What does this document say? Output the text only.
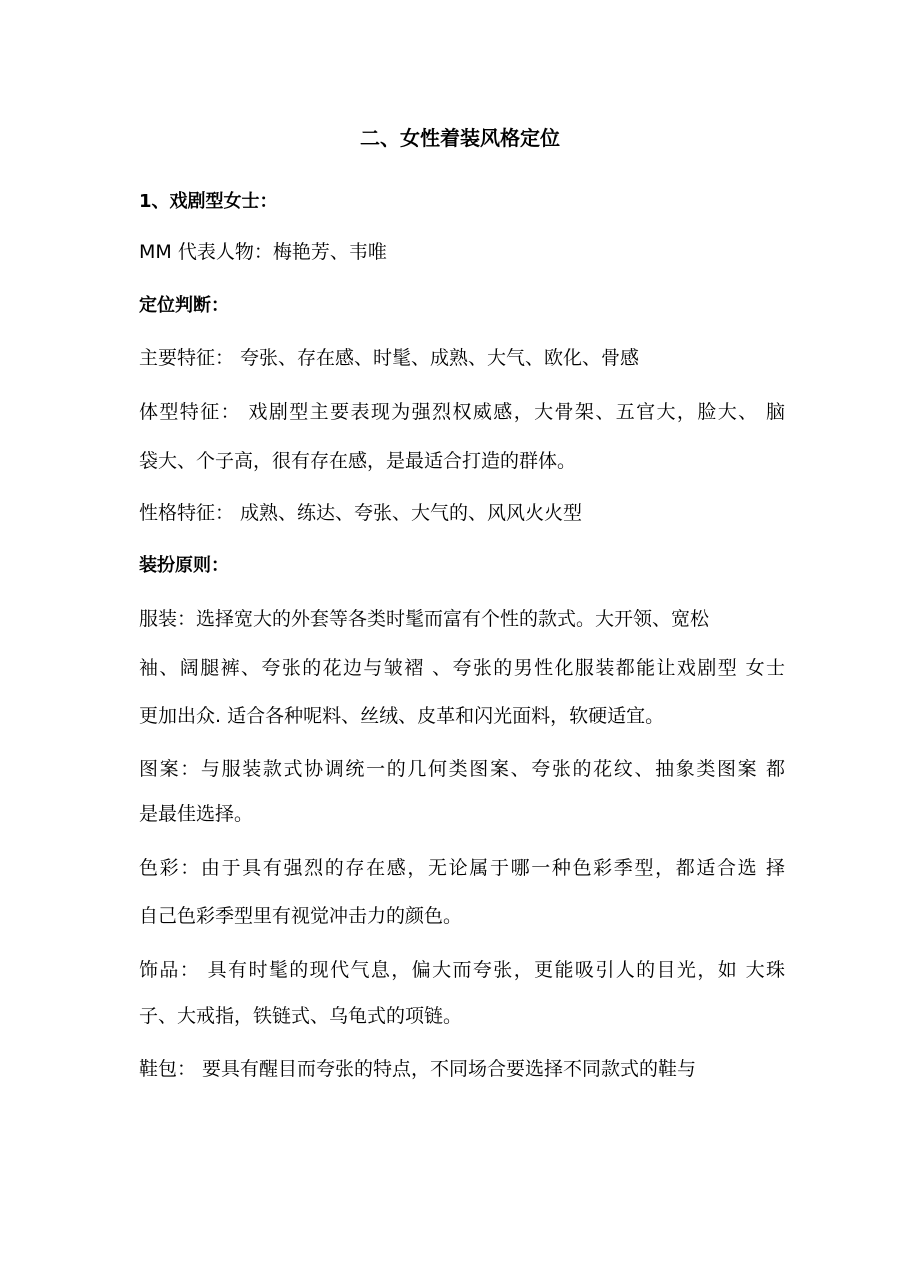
二、女性着装风格定位
1、戏剧型女士：
MM 代表人物：梅艳芳、韦唯
定位判断：
主要特征： 夸张、存在感、时髦、成熟、大气、欧化、骨感
体型特征： 戏剧型主要表现为强烈权威感，大骨架、五官大，脸大、 脑
袋大、个子高，很有存在感，是最适合打造的群体。
性格特征： 成熟、练达、夸张、大气的、风风火火型
装扮原则：
服装：选择宽大的外套等各类时髦而富有个性的款式。大开领、宽松
袖、阔腿裤、夸张的花边与皱褶 、夸张的男性化服装都能让戏剧型 女士
更加出众. 适合各种呢料、丝绒、皮革和闪光面料，软硬适宜。
图案：与服装款式协调统一的几何类图案、夸张的花纹、抽象类图案 都
是最佳选择。
色彩：由于具有强烈的存在感，无论属于哪一种色彩季型，都适合选 择
自己色彩季型里有视觉冲击力的颜色。
饰品： 具有时髦的现代气息，偏大而夸张，更能吸引人的目光，如 大珠
子、大戒指，铁链式、乌龟式的项链。
鞋包： 要具有醒目而夸张的特点，不同场合要选择不同款式的鞋与
